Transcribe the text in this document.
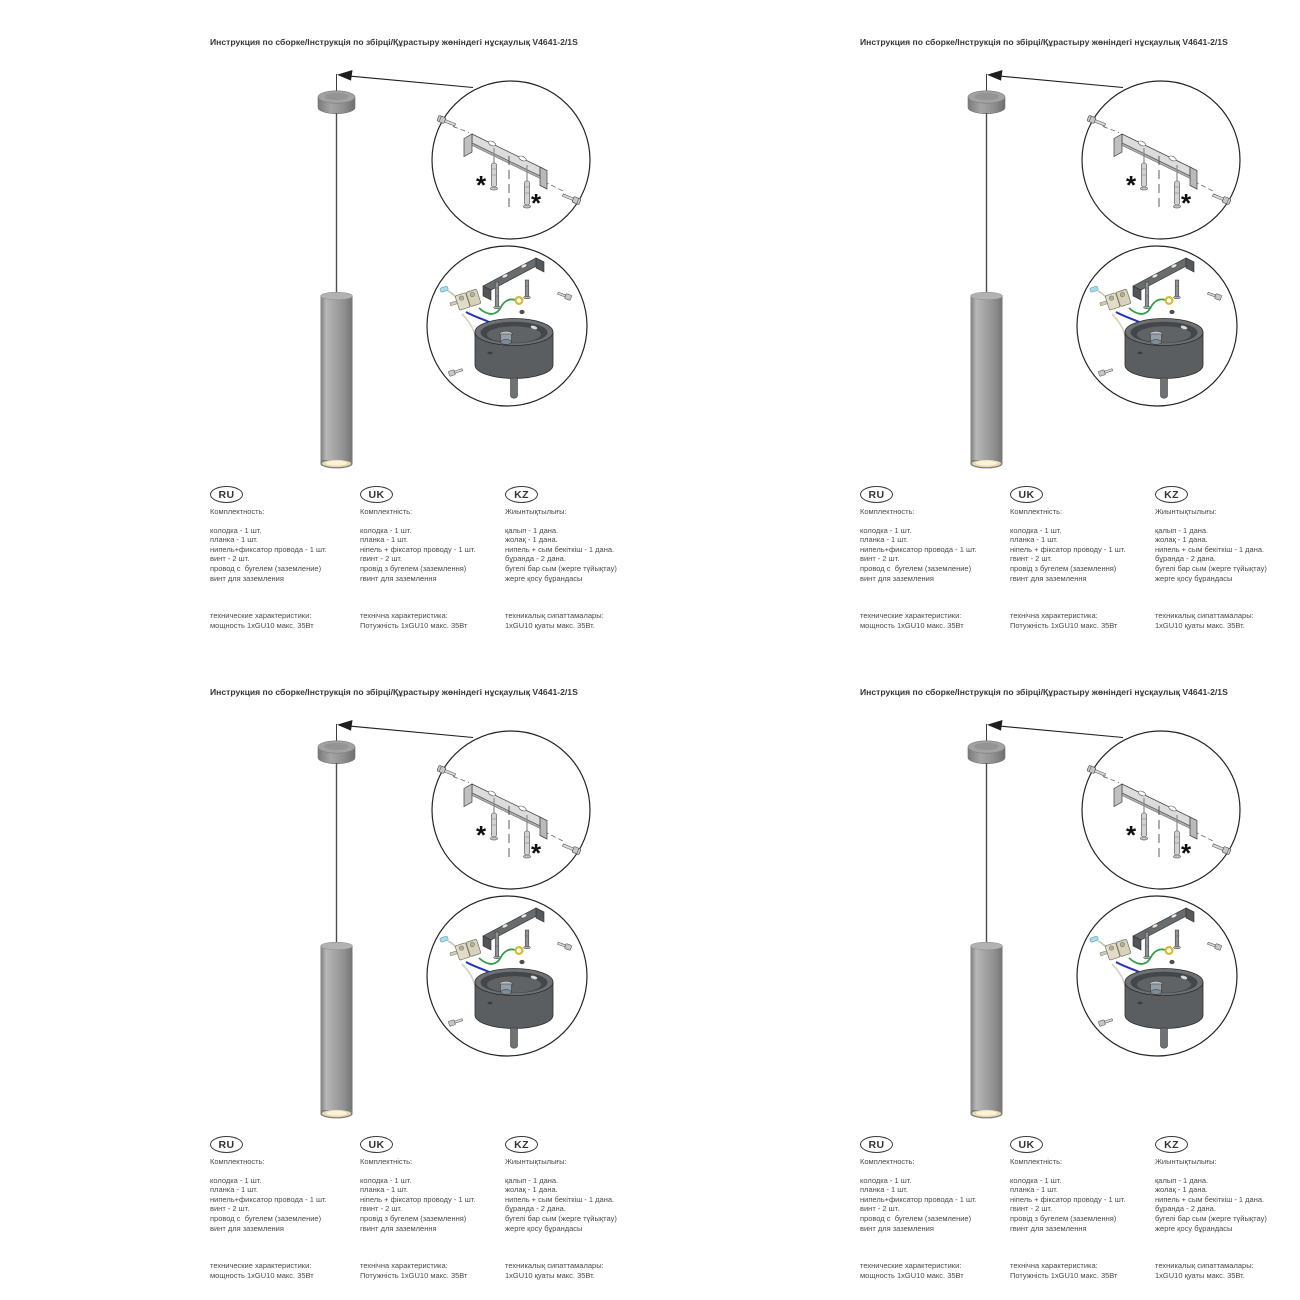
Инструкция по сборке/Інструкція по збірці/Құрастыру жөніндегі нұсқаулық V4641-2/1S
*
*
RU
Комплектность:
колодка - 1 шт.
планка - 1 шт.
нипель+фиксатор провода - 1 шт.
винт - 2 шт.
провод с  бугелем (заземление)
винт для заземления
технические характеристики:
мощность 1xGU10 макс. 35Вт
UK
Комплектність:
колодка - 1 шт.
планка - 1 шт.
ніпель + фіксатор проводу - 1 шт.
гвинт - 2 шт.
провід з бугелем (заземлення)
гвинт для заземлення
технічна характеристика:
Потужність 1xGU10 макс. 35Вт
KZ
Жиынтықтылығы:
қалып - 1 дана.
жолақ - 1 дана.
нипель + сым бекіткіш - 1 дана.
бұранда - 2 дана.
бугелі бар сым (жерге түйықтау)
жерге қосу бұрандасы
техникалық сипаттамалары:
1xGU10 қуаты макс. 35Вт.
Инструкция по сборке/Інструкція по збірці/Құрастыру жөніндегі нұсқаулық V4641-2/1S
*
*
RU
Комплектность:
колодка - 1 шт.
планка - 1 шт.
нипель+фиксатор провода - 1 шт.
винт - 2 шт.
провод с  бугелем (заземление)
винт для заземления
технические характеристики:
мощность 1xGU10 макс. 35Вт
UK
Комплектність:
колодка - 1 шт.
планка - 1 шт.
ніпель + фіксатор проводу - 1 шт.
гвинт - 2 шт.
провід з бугелем (заземлення)
гвинт для заземлення
технічна характеристика:
Потужність 1xGU10 макс. 35Вт
KZ
Жиынтықтылығы:
қалып - 1 дана.
жолақ - 1 дана.
нипель + сым бекіткіш - 1 дана.
бұранда - 2 дана.
бугелі бар сым (жерге түйықтау)
жерге қосу бұрандасы
техникалық сипаттамалары:
1xGU10 қуаты макс. 35Вт.
Инструкция по сборке/Інструкція по збірці/Құрастыру жөніндегі нұсқаулық V4641-2/1S
*
*
RU
Комплектность:
колодка - 1 шт.
планка - 1 шт.
нипель+фиксатор провода - 1 шт.
винт - 2 шт.
провод с  бугелем (заземление)
винт для заземления
технические характеристики:
мощность 1xGU10 макс. 35Вт
UK
Комплектність:
колодка - 1 шт.
планка - 1 шт.
ніпель + фіксатор проводу - 1 шт.
гвинт - 2 шт.
провід з бугелем (заземлення)
гвинт для заземлення
технічна характеристика:
Потужність 1xGU10 макс. 35Вт
KZ
Жиынтықтылығы:
қалып - 1 дана.
жолақ - 1 дана.
нипель + сым бекіткіш - 1 дана.
бұранда - 2 дана.
бугелі бар сым (жерге түйықтау)
жерге қосу бұрандасы
техникалық сипаттамалары:
1xGU10 қуаты макс. 35Вт.
Инструкция по сборке/Інструкція по збірці/Құрастыру жөніндегі нұсқаулық V4641-2/1S
*
*
RU
Комплектность:
колодка - 1 шт.
планка - 1 шт.
нипель+фиксатор провода - 1 шт.
винт - 2 шт.
провод с  бугелем (заземление)
винт для заземления
технические характеристики:
мощность 1xGU10 макс. 35Вт
UK
Комплектність:
колодка - 1 шт.
планка - 1 шт.
ніпель + фіксатор проводу - 1 шт.
гвинт - 2 шт.
провід з бугелем (заземлення)
гвинт для заземлення
технічна характеристика:
Потужність 1xGU10 макс. 35Вт
KZ
Жиынтықтылығы:
қалып - 1 дана.
жолақ - 1 дана.
нипель + сым бекіткіш - 1 дана.
бұранда - 2 дана.
бугелі бар сым (жерге түйықтау)
жерге қосу бұрандасы
техникалық сипаттамалары:
1xGU10 қуаты макс. 35Вт.
